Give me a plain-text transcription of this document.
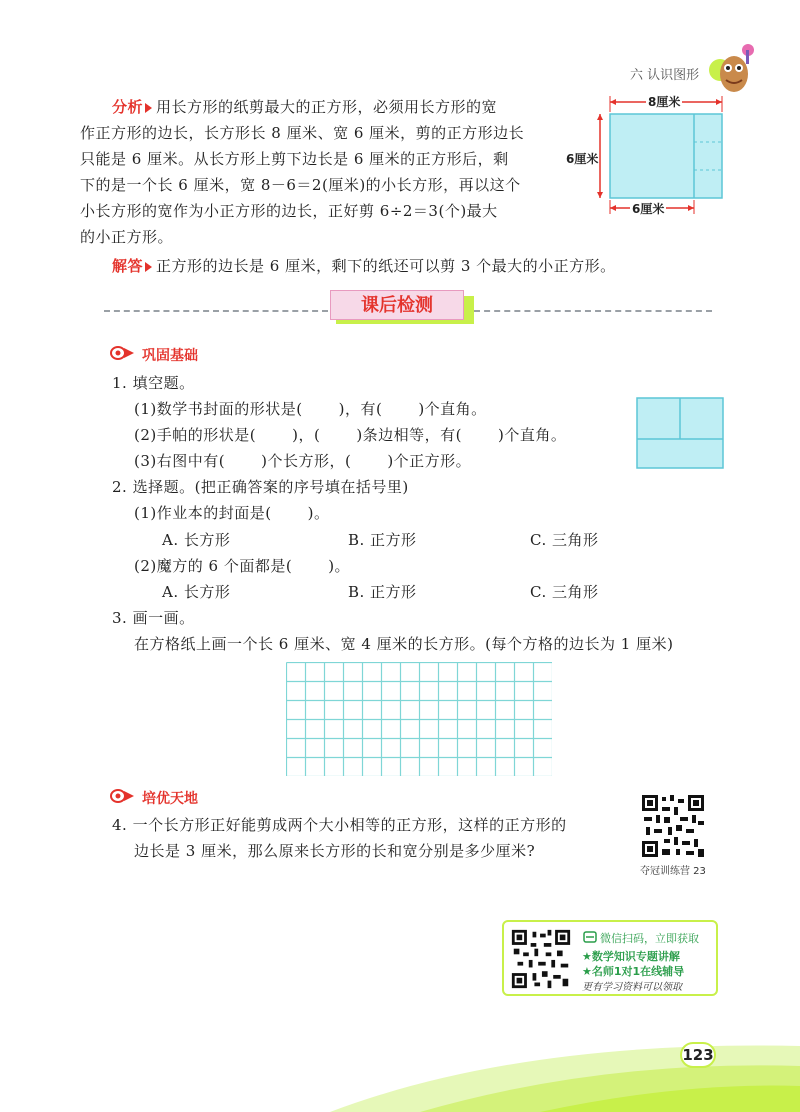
六 认识图形
分析 用长方形的纸剪最大的正方形，必须用长方形的宽
作正方形的边长，长方形长 8 厘米、宽 6 厘米，剪的正方形边长
只能是 6 厘米。从长方形上剪下边长是 6 厘米的正方形后，剩
下的是一个长 6 厘米，宽 8－6＝2(厘米)的小长方形，再以这个
小长方形的宽作为小正方形的边长，正好剪 6÷2＝3(个)最大
的小正方形。
8厘米
6厘米
6厘米
解答 正方形的边长是 6 厘米，剩下的纸还可以剪 3 个最大的小正方形。
课后检测
巩固基础
1. 填空题。
(1)数学书封面的形状是( )，有( )个直角。
(2)手帕的形状是( )，( )条边相等，有( )个直角。
(3)右图中有( )个长方形，( )个正方形。
2. 选择题。(把正确答案的序号填在括号里)
(1)作业本的封面是( )。
A. 长方形	B. 正方形	C. 三角形
(2)魔方的 6 个面都是( )。
A. 长方形	B. 正方形	C. 三角形
3. 画一画。
在方格纸上画一个长 6 厘米、宽 4 厘米的长方形。(每个方格的边长为 1 厘米)
培优天地
4. 一个长方形正好能剪成两个大小相等的正方形，这样的正方形的
边长是 3 厘米，那么原来长方形的长和宽分别是多少厘米?
夺冠训练营 23
微信扫码，立即获取
★数学知识专题讲解
★名师1对1在线辅导
更有学习资料可以领取
123
